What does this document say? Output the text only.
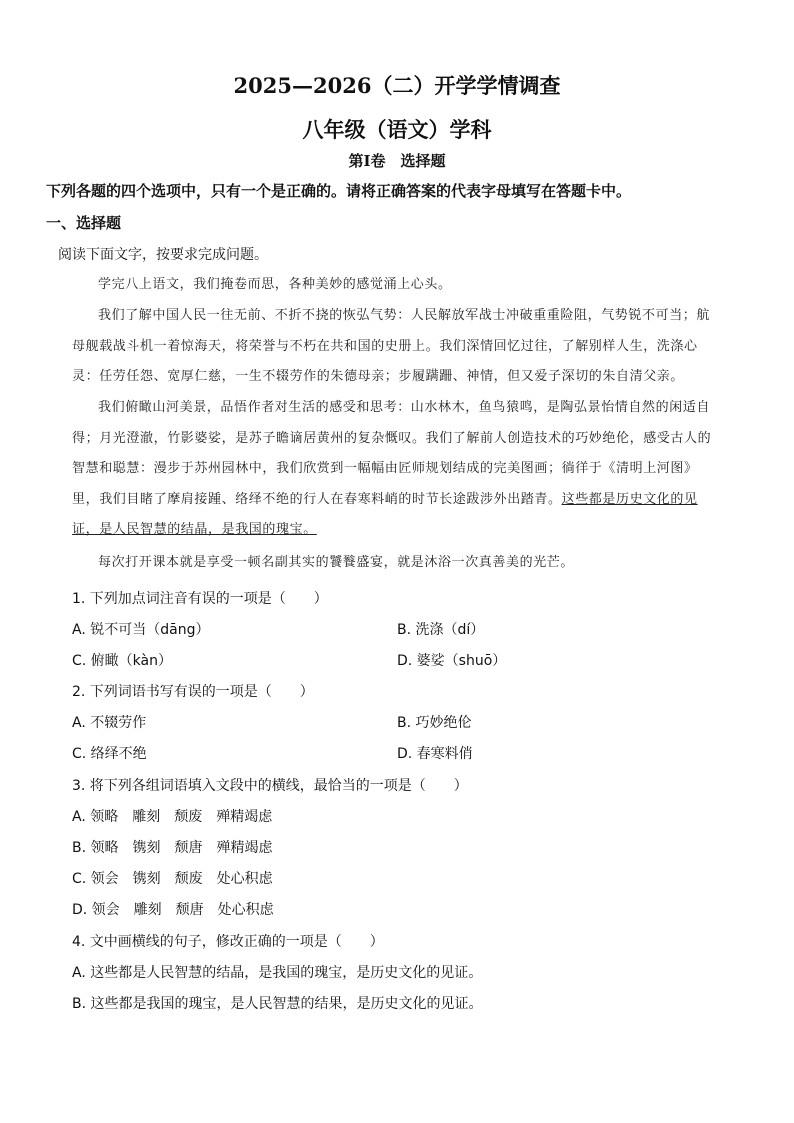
2025—2026（二）开学学情调查
八年级（语文）学科
第Ⅰ卷　选择题
下列各题的四个选项中，只有一个是正确的。请将正确答案的代表字母填写在答题卡中。
一、选择题
阅读下面文字，按要求完成问题。
学完八上语文，我们掩卷而思，各种美妙的感觉涌上心头。
我们了解中国人民一往无前、不折不挠的恢弘气势：人民解放军战士冲破重重险阻，气势锐不可当；航母舰载战斗机一着惊海天，将荣誉与不朽在共和国的史册上。我们深情回忆过往，了解别样人生，洗涤心灵：任劳任怨、宽厚仁慈，一生不辍劳作的朱德母亲；步履蹒跚、神情，但又爱子深切的朱自清父亲。
我们俯瞰山河美景，品悟作者对生活的感受和思考：山水林木，鱼鸟猿鸣，是陶弘景怡情自然的闲适自得；月光澄澈，竹影婆娑，是苏子瞻谪居黄州的复杂慨叹。我们了解前人创造技术的巧妙绝伦，感受古人的智慧和聪慧：漫步于苏州园林中，我们欣赏到一幅幅由匠师规划结成的完美图画；徜徉于《清明上河图》里，我们目睹了摩肩接踵、络绎不绝的行人在春寒料峭的时节长途跋涉外出踏青。这些都是历史文化的见证，是人民智慧的结晶，是我国的瑰宝。
每次打开课本就是享受一顿名副其实的饕餮盛宴，就是沐浴一次真善美的光芒。
1. 下列加点词注音有误的一项是（　　）
A. 锐不可当（dāng）	B. 洗涤（dí）
C. 俯瞰（kàn）	D. 婆娑（shuō）
2. 下列词语书写有误的一项是（　　）
A. 不辍劳作	B. 巧妙绝伦
C. 络绎不绝	D. 春寒料俏
3. 将下列各组词语填入文段中的横线，最恰当的一项是（　　）
A. 领略　雕刻　颓废　殚精竭虑
B. 领略　镌刻　颓唐　殚精竭虑
C. 领会　镌刻　颓废　处心积虑
D. 领会　雕刻　颓唐　处心积虑
4. 文中画横线的句子，修改正确的一项是（　　）
A. 这些都是人民智慧的结晶，是我国的瑰宝，是历史文化的见证。
B. 这些都是我国的瑰宝，是人民智慧的结果，是历史文化的见证。
